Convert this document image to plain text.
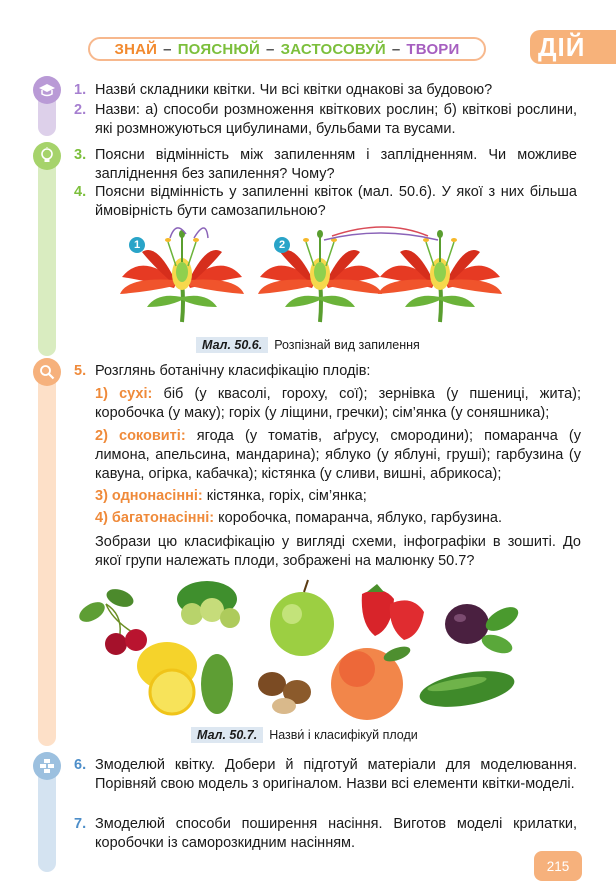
ЗНАЙ – ПОЯСНЮЙ – ЗАСТОСОВУЙ – ТВОРИ	ДІЙ
1. Назви́ складники квітки. Чи всі квітки однакові за будовою?
2. Назви: а) способи розмноження квіткових рослин; б) квіткові рослини, які розмножуються цибулинами, бульбами та вусами.
3. Поясни відмінність між запиленням і заплідненням. Чи можливе запліднення без запилення? Чому?
4. Поясни відмінність у запиленні квіток (мал. 50.6). У якої з них більша ймовірність бути самозапильною?
1	2
Мал. 50.6. Розпізнай вид запилення
5. Розглянь ботанічну класифікацію плодів:
1) сухі: біб (у квасолі, гороху, сої); зернівка (у пшениці, жита); коробочка (у маку); горіх (у ліщини, гречки); сім’янка (у соняшника);
2) соковиті: ягода (у томатів, аґрусу, смородини); помаранча (у лимона, апельсина, мандарина); яблуко (у яблуні, груші); гарбузина (у кавуна, огірка, кабачка); кістянка (у сливи, вишні, абрикоса);
3) однонасінні: кістянка, горіх, сім’янка;
4) багатонасінні: коробочка, помаранча, яблуко, гарбузина.
Зобрази цю класифікацію у вигляді схеми, інфографіки в зошиті. До якої групи належать плоди, зображені на малюнку 50.7?
Мал. 50.7. Назви́ і класифікуй плоди
6. Змоделюй квітку. Добери й підготуй матеріали для моделювання. Порівняй свою модель з оригіналом. Назви всі елементи квітки-моделі.
7. Змоделюй способи поширення насіння. Виготов моделі крилатки, коробочки із саморозкидним насінням.
215
